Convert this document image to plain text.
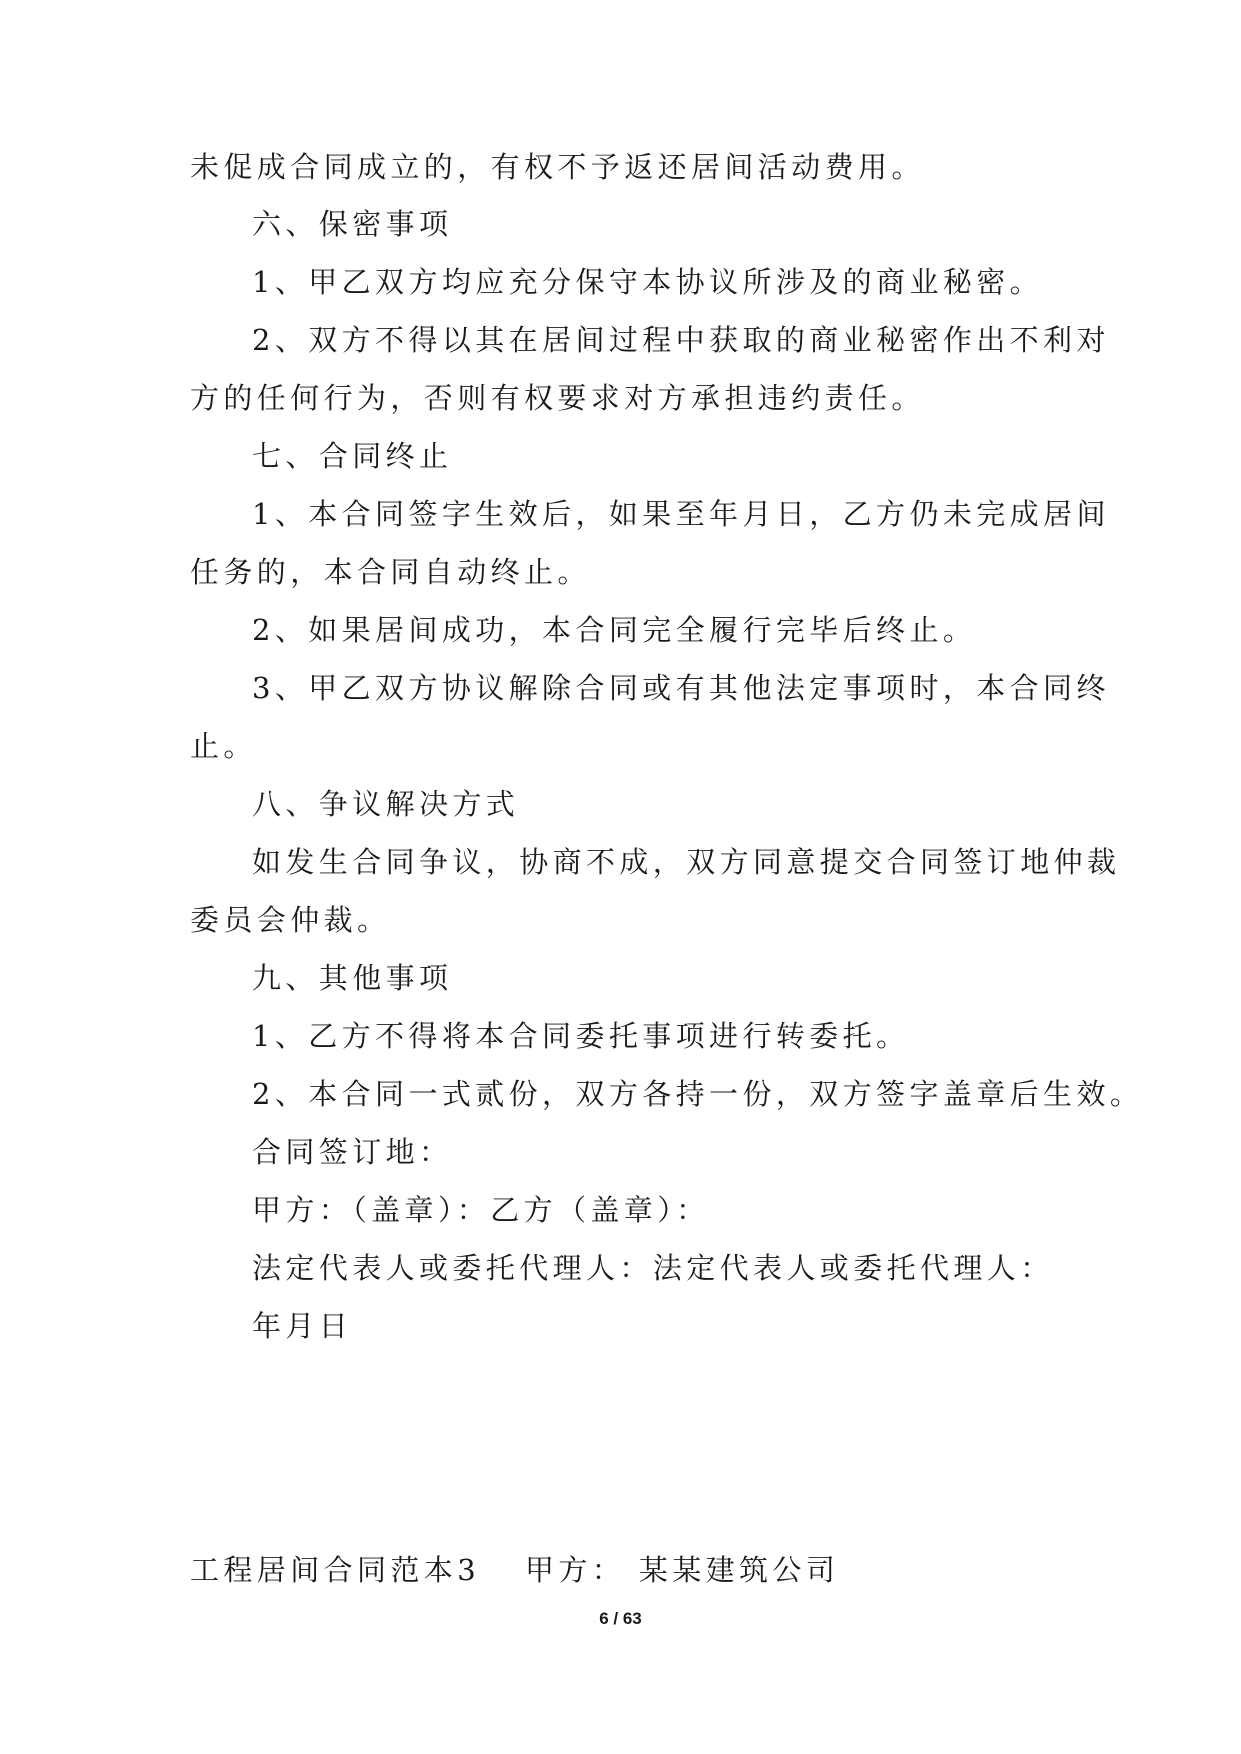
未促成合同成立的，有权不予返还居间活动费用。
六、保密事项
1、甲乙双方均应充分保守本协议所涉及的商业秘密。
2、双方不得以其在居间过程中获取的商业秘密作出不利对
方的任何行为，否则有权要求对方承担违约责任。
七、合同终止
1、本合同签字生效后，如果至年月日，乙方仍未完成居间
任务的，本合同自动终止。
2、如果居间成功，本合同完全履行完毕后终止。
3、甲乙双方协议解除合同或有其他法定事项时，本合同终
止。
八、争议解决方式
如发生合同争议，协商不成，双方同意提交合同签订地仲裁
委员会仲裁。
九、其他事项
1、乙方不得将本合同委托事项进行转委托。
2、本合同一式贰份，双方各持一份，双方签字盖章后生效。
合同签订地：
甲方：（盖章）：乙方（盖章）：
法定代表人或委托代理人：法定代表人或委托代理人：
年月日
工程居间合同范本3 甲方： 某某建筑公司
6 / 63
